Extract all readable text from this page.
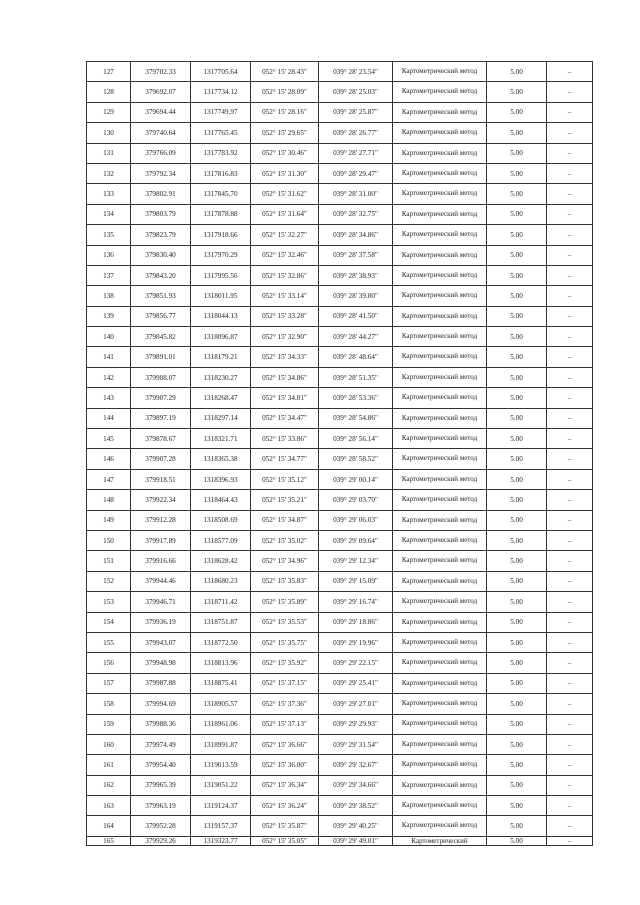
127	379702.33	1317705.64	052° 15' 28.43"	039° 28' 23.54"	Картометрический метод	5.00	–
128	379692.07	1317734.12	052° 15' 28.09"	039° 28' 25.03"	Картометрический метод	5.00	–
129	379694.44	1317749.97	052° 15' 28.16"	039° 28' 25.87"	Картометрический метод	5.00	–
130	379740.64	1317765.45	052° 15' 29.65"	039° 28' 26.77"	Картометрический метод	5.00	–
131	379766.09	1317783.92	052° 15' 30.46"	039° 28' 27.71"	Картометрический метод	5.00	–
132	379792.34	1317816.83	052° 15' 31.30"	039° 28' 29.47"	Картометрический метод	5.00	–
133	379802.91	1317845.70	052° 15' 31.62"	039° 28' 31.00"	Картометрический метод	5.00	–
134	379803.79	1317878.88	052° 15' 31.64"	039° 28' 32.75"	Картометрический метод	5.00	–
135	379823.79	1317918.66	052° 15' 32.27"	039° 28' 34.86"	Картометрический метод	5.00	–
136	379830.40	1317970.29	052° 15' 32.46"	039° 28' 37.58"	Картометрический метод	5.00	–
137	379843.20	1317995.56	052° 15' 32.86"	039° 28' 38.93"	Картометрический метод	5.00	–
138	379851.93	1318011.95	052° 15' 33.14"	039° 28' 39.80"	Картометрический метод	5.00	–
139	379856.77	1318044.13	052° 15' 33.28"	039° 28' 41.50"	Картометрический метод	5.00	–
140	379845.82	1318096.87	052° 15' 32.90"	039° 28' 44.27"	Картометрический метод	5.00	–
141	379891.01	1318179.21	052° 15' 34.33"	039° 28' 48.64"	Картометрический метод	5.00	–
142	379908.07	1318230.27	052° 15' 34.86"	039° 28' 51.35"	Картометрический метод	5.00	–
143	379907.29	1318268.47	052° 15' 34.81"	039° 28' 53.36"	Картометрический метод	5.00	–
144	379897.19	1318297.14	052° 15' 34.47"	039° 28' 54.86"	Картометрический метод	5.00	–
145	379878.67	1318321.71	052° 15' 33.86"	039° 28' 56.14"	Картометрический метод	5.00	–
146	379907.28	1318365.38	052° 15' 34.77"	039° 28' 58.52"	Картометрический метод	5.00	–
147	379918.51	1318396.93	052° 15' 35.12"	039° 29' 00.14"	Картометрический метод	5.00	–
148	379922.34	1318464.43	052° 15' 35.21"	039° 29' 03.70"	Картометрический метод	5.00	–
149	379912.28	1318508.69	052° 15' 34.87"	039° 29' 06.03"	Картометрический метод	5.00	–
150	379917.89	1318577.09	052° 15' 35.02"	039° 29' 09.64"	Картометрический метод	5.00	–
151	379916.66	1318628.42	052° 15' 34.96"	039° 29' 12.34"	Картометрический метод	5.00	–
152	379944.46	1318680.23	052° 15' 35.83"	039° 29' 15.09"	Картометрический метод	5.00	–
153	379946.71	1318711.42	052° 15' 35.89"	039° 29' 16.74"	Картометрический метод	5.00	–
154	379936.19	1318751.87	052° 15' 35.53"	039° 29' 18.86"	Картометрический метод	5.00	–
155	379943.07	1318772.50	052° 15' 35.75"	039° 29' 19.96"	Картометрический метод	5.00	–
156	379948.98	1318813.96	052° 15' 35.92"	039° 29' 22.15"	Картометрический метод	5.00	–
157	379987.88	1318875.41	052° 15' 37.15"	039° 29' 25.41"	Картометрический метод	5.00	–
158	379994.69	1318905.57	052° 15' 37.36"	039° 29' 27.01"	Картометрический метод	5.00	–
159	379988.36	1318961.06	052° 15' 37.13"	039° 29' 29.93"	Картометрический метод	5.00	–
160	379974.49	1318991.87	052° 15' 36.66"	039° 29' 31.54"	Картометрический метод	5.00	–
161	379954.40	1319013.59	052° 15' 36.00"	039° 29' 32.67"	Картометрический метод	5.00	–
162	379965.39	1319051.22	052° 15' 36.34"	039° 29' 34.66"	Картометрический метод	5.00	–
163	379963.19	1319124.37	052° 15' 36.24"	039° 29' 38.52"	Картометрический метод	5.00	–
164	379952.28	1319157.37	052° 15' 35.87"	039° 29' 40.25"	Картометрический метод	5.00	–
165	379929.26	1319323.77	052° 15' 35.05"	039° 29' 49.01"	Картометрический	5.00	–
